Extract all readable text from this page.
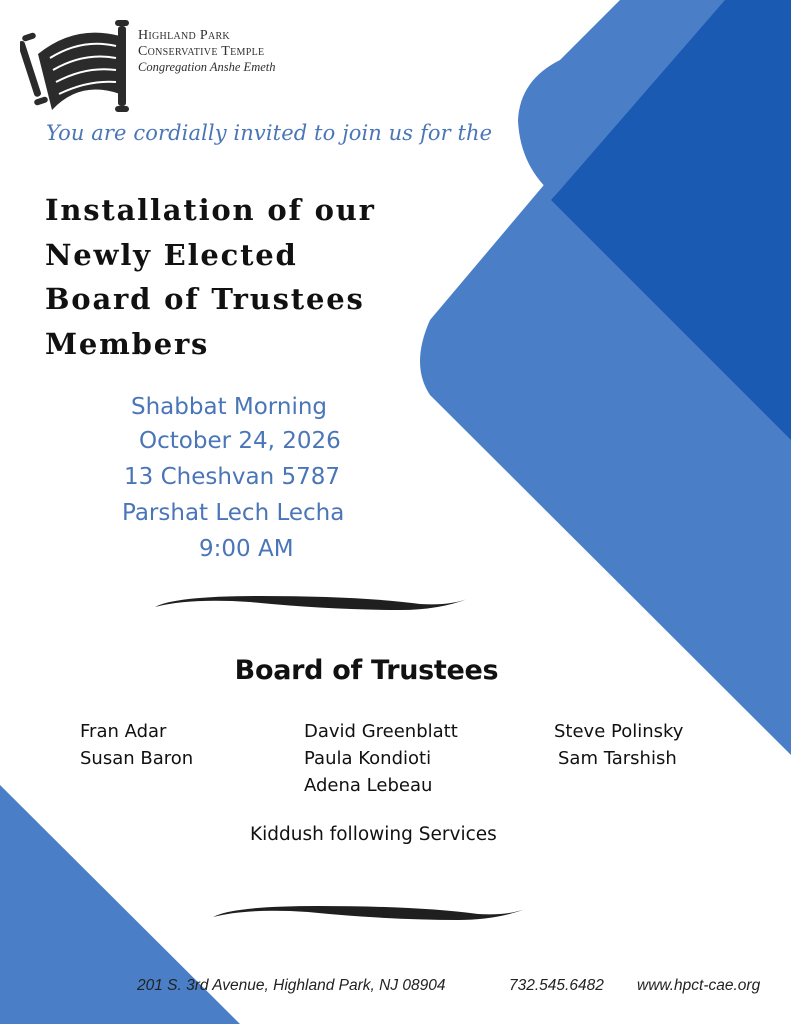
Highland Park
Conservative Temple
Congregation Anshe Emeth
You are cordially invited to join us for the
Installation of our
Newly Elected
Board of Trustees
Members
Shabbat Morning
October 24, 2026
13 Cheshvan 5787
Parshat Lech Lecha
9:00 AM
Board of Trustees
Fran Adar
Susan Baron
David Greenblatt
Paula Kondioti
Adena Lebeau
Steve Polinsky
Sam Tarshish
Kiddush following Services
201 S. 3rd Avenue, Highland Park, NJ 08904	732.545.6482 www.hpct-cae.org
